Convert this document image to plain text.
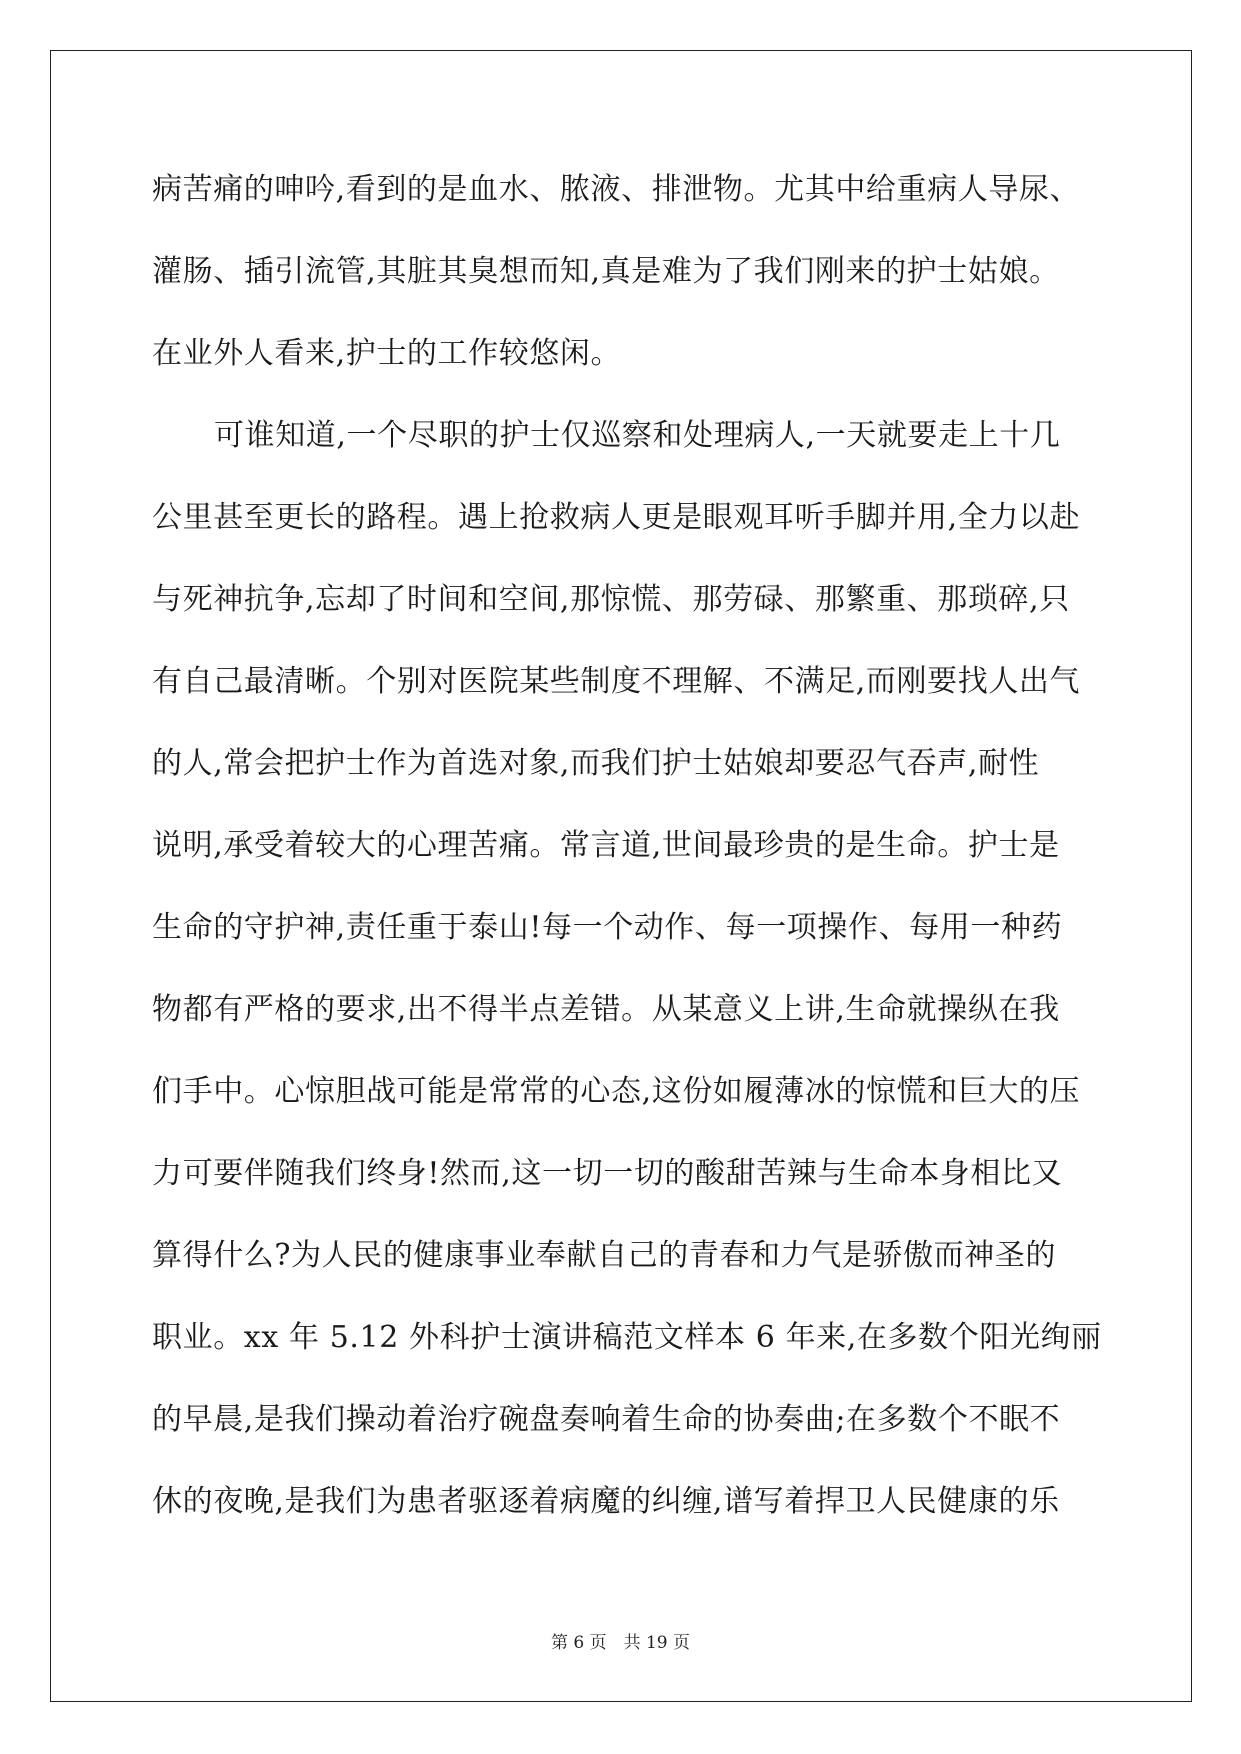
病苦痛的呻吟,看到的是血水、脓液、排泄物。尤其中给重病人导尿、
灌肠、插引流管,其脏其臭想而知,真是难为了我们刚来的护士姑娘。
在业外人看来,护士的工作较悠闲。
可谁知道,一个尽职的护士仅巡察和处理病人,一天就要走上十几
公里甚至更长的路程。遇上抢救病人更是眼观耳听手脚并用,全力以赴
与死神抗争,忘却了时间和空间,那惊慌、那劳碌、那繁重、那琐碎,只
有自己最清晰。个别对医院某些制度不理解、不满足,而刚要找人出气
的人,常会把护士作为首选对象,而我们护士姑娘却要忍气吞声,耐性
说明,承受着较大的心理苦痛。常言道,世间最珍贵的是生命。护士是
生命的守护神,责任重于泰山!每一个动作、每一项操作、每用一种药
物都有严格的要求,出不得半点差错。从某意义上讲,生命就操纵在我
们手中。心惊胆战可能是常常的心态,这份如履薄冰的惊慌和巨大的压
力可要伴随我们终身!然而,这一切一切的酸甜苦辣与生命本身相比又
算得什么?为人民的健康事业奉献自己的青春和力气是骄傲而神圣的
职业。xx 年 5.12 外科护士演讲稿范文样本 6 年来,在多数个阳光绚丽
的早晨,是我们操动着治疗碗盘奏响着生命的协奏曲;在多数个不眠不
休的夜晚,是我们为患者驱逐着病魔的纠缠,谱写着捍卫人民健康的乐
第 6 页　共 19 页
